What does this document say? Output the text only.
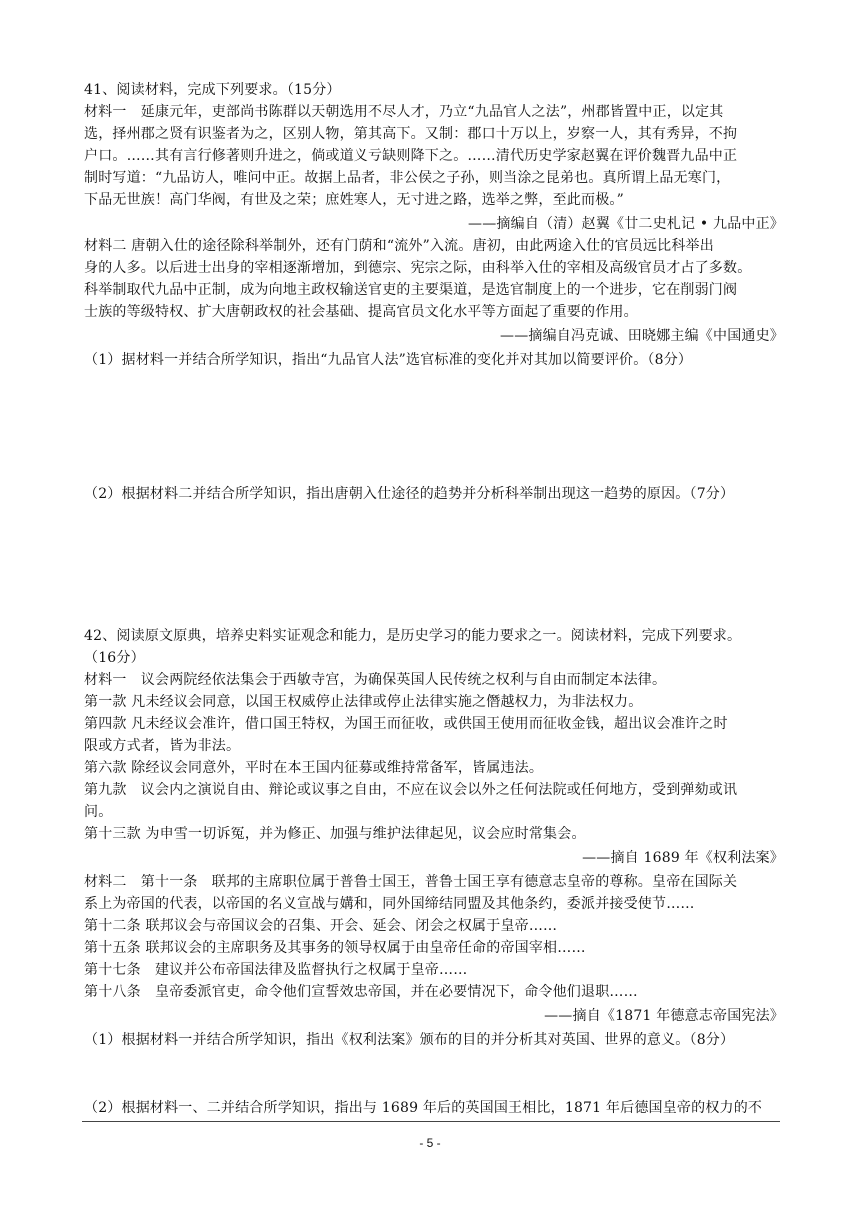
41、阅读材料，完成下列要求。（15分）
材料一　延康元年，吏部尚书陈群以天朝选用不尽人才，乃立“九品官人之法”，州郡皆置中正，以定其
选，择州郡之贤有识鉴者为之，区别人物，第其高下。又制：郡口十万以上，岁察一人，其有秀异，不拘
户口。……其有言行修著则升进之，倘或道义亏缺则降下之。……清代历史学家赵翼在评价魏晋九品中正
制时写道：“九品访人，唯问中正。故据上品者，非公侯之子孙，则当涂之昆弟也。真所谓上品无寒门，
下品无世族！高门华阀，有世及之荣；庶姓寒人，无寸进之路，选举之弊，至此而极。”
——摘编自（清）赵翼《廿二史札记 • 九品中正》
材料二 唐朝入仕的途径除科举制外，还有门荫和“流外”入流。唐初，由此两途入仕的官员远比科举出
身的人多。以后进士出身的宰相逐渐增加，到德宗、宪宗之际，由科举入仕的宰相及高级官员才占了多数。
科举制取代九品中正制，成为向地主政权输送官吏的主要渠道，是选官制度上的一个进步，它在削弱门阀
士族的等级特权、扩大唐朝政权的社会基础、提高官员文化水平等方面起了重要的作用。
——摘编自冯克诚、田晓娜主编《中国通史》
（1）据材料一并结合所学知识，指出“九品官人法”选官标准的变化并对其加以简要评价。（8分）
（2）根据材料二并结合所学知识，指出唐朝入仕途径的趋势并分析科举制出现这一趋势的原因。（7分）
42、阅读原文原典，培养史料实证观念和能力，是历史学习的能力要求之一。阅读材料，完成下列要求。
（16分）
材料一　议会两院经依法集会于西敏寺宫，为确保英国人民传统之权利与自由而制定本法律。
第一款 凡未经议会同意，以国王权威停止法律或停止法律实施之僭越权力，为非法权力。
第四款 凡未经议会准许，借口国王特权，为国王而征收，或供国王使用而征收金钱，超出议会准许之时
限或方式者，皆为非法。
第六款 除经议会同意外，平时在本王国内征募或维持常备军，皆属违法。
第九款　议会内之演说自由、辩论或议事之自由，不应在议会以外之任何法院或任何地方，受到弹劾或讯
问。
第十三款 为申雪一切诉冤，并为修正、加强与维护法律起见，议会应时常集会。
——摘自 1689 年《权利法案》
材料二　第十一条　联邦的主席职位属于普鲁士国王，普鲁士国王享有德意志皇帝的尊称。皇帝在国际关
系上为帝国的代表，以帝国的名义宣战与媾和，同外国缔结同盟及其他条约，委派并接受使节……
第十二条 联邦议会与帝国议会的召集、开会、延会、闭会之权属于皇帝……
第十五条 联邦议会的主席职务及其事务的领导权属于由皇帝任命的帝国宰相……
第十七条　建议并公布帝国法律及监督执行之权属于皇帝……
第十八条　皇帝委派官吏，命令他们宣誓效忠帝国，并在必要情况下，命令他们退职……
——摘自《1871 年德意志帝国宪法》
（1）根据材料一并结合所学知识，指出《权利法案》颁布的目的并分析其对英国、世界的意义。（8分）
（2）根据材料一、二并结合所学知识，指出与 1689 年后的英国国王相比，1871 年后德国皇帝的权力的不
- 5 -
